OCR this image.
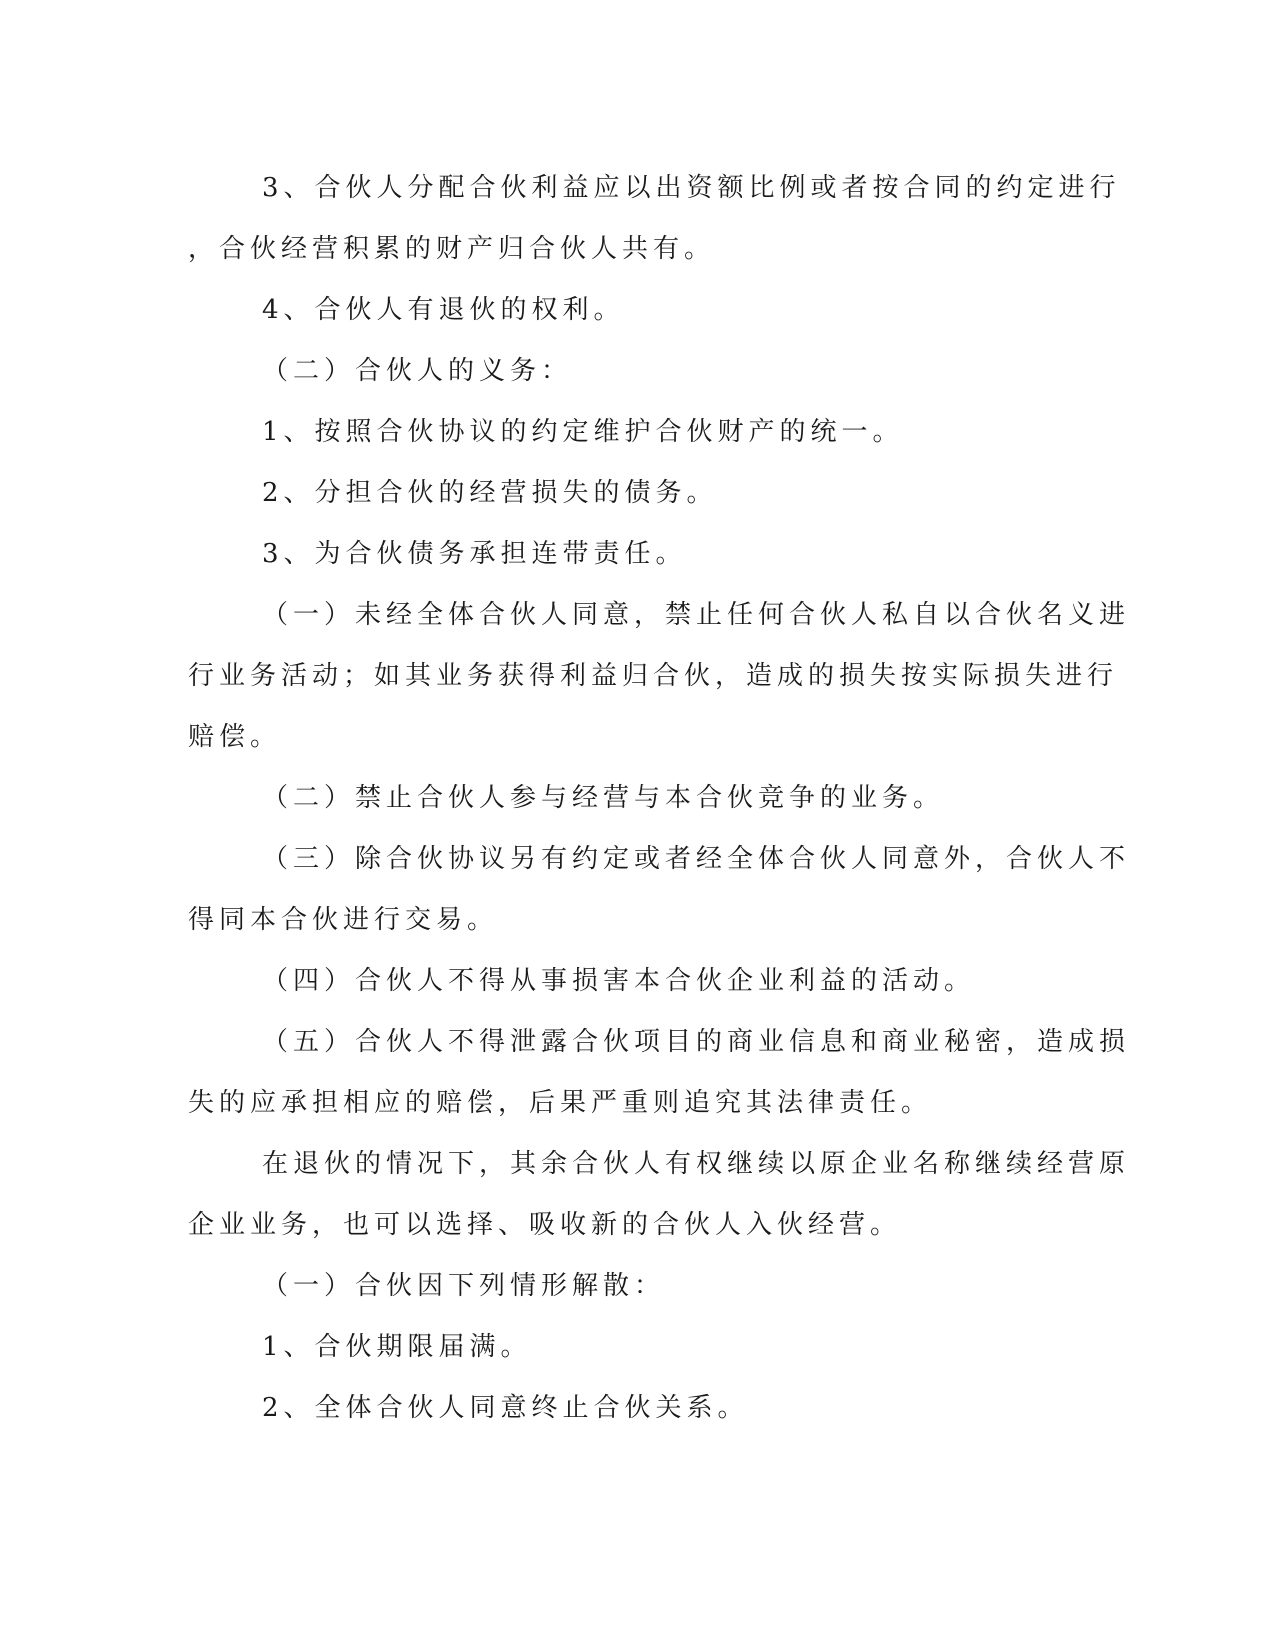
3、合伙人分配合伙利益应以出资额比例或者按合同的约定进行
，合伙经营积累的财产归合伙人共有。

4、合伙人有退伙的权利。

（二）合伙人的义务：

1、按照合伙协议的约定维护合伙财产的统一。

2、分担合伙的经营损失的债务。

3、为合伙债务承担连带责任。

（一）未经全体合伙人同意，禁止任何合伙人私自以合伙名义进
行业务活动；如其业务获得利益归合伙，造成的损失按实际损失进行
赔偿。

（二）禁止合伙人参与经营与本合伙竞争的业务。

（三）除合伙协议另有约定或者经全体合伙人同意外，合伙人不
得同本合伙进行交易。

（四）合伙人不得从事损害本合伙企业利益的活动。

（五）合伙人不得泄露合伙项目的商业信息和商业秘密，造成损
失的应承担相应的赔偿，后果严重则追究其法律责任。

在退伙的情况下，其余合伙人有权继续以原企业名称继续经营原
企业业务，也可以选择、吸收新的合伙人入伙经营。

（一）合伙因下列情形解散：

1、合伙期限届满。

2、全体合伙人同意终止合伙关系。
